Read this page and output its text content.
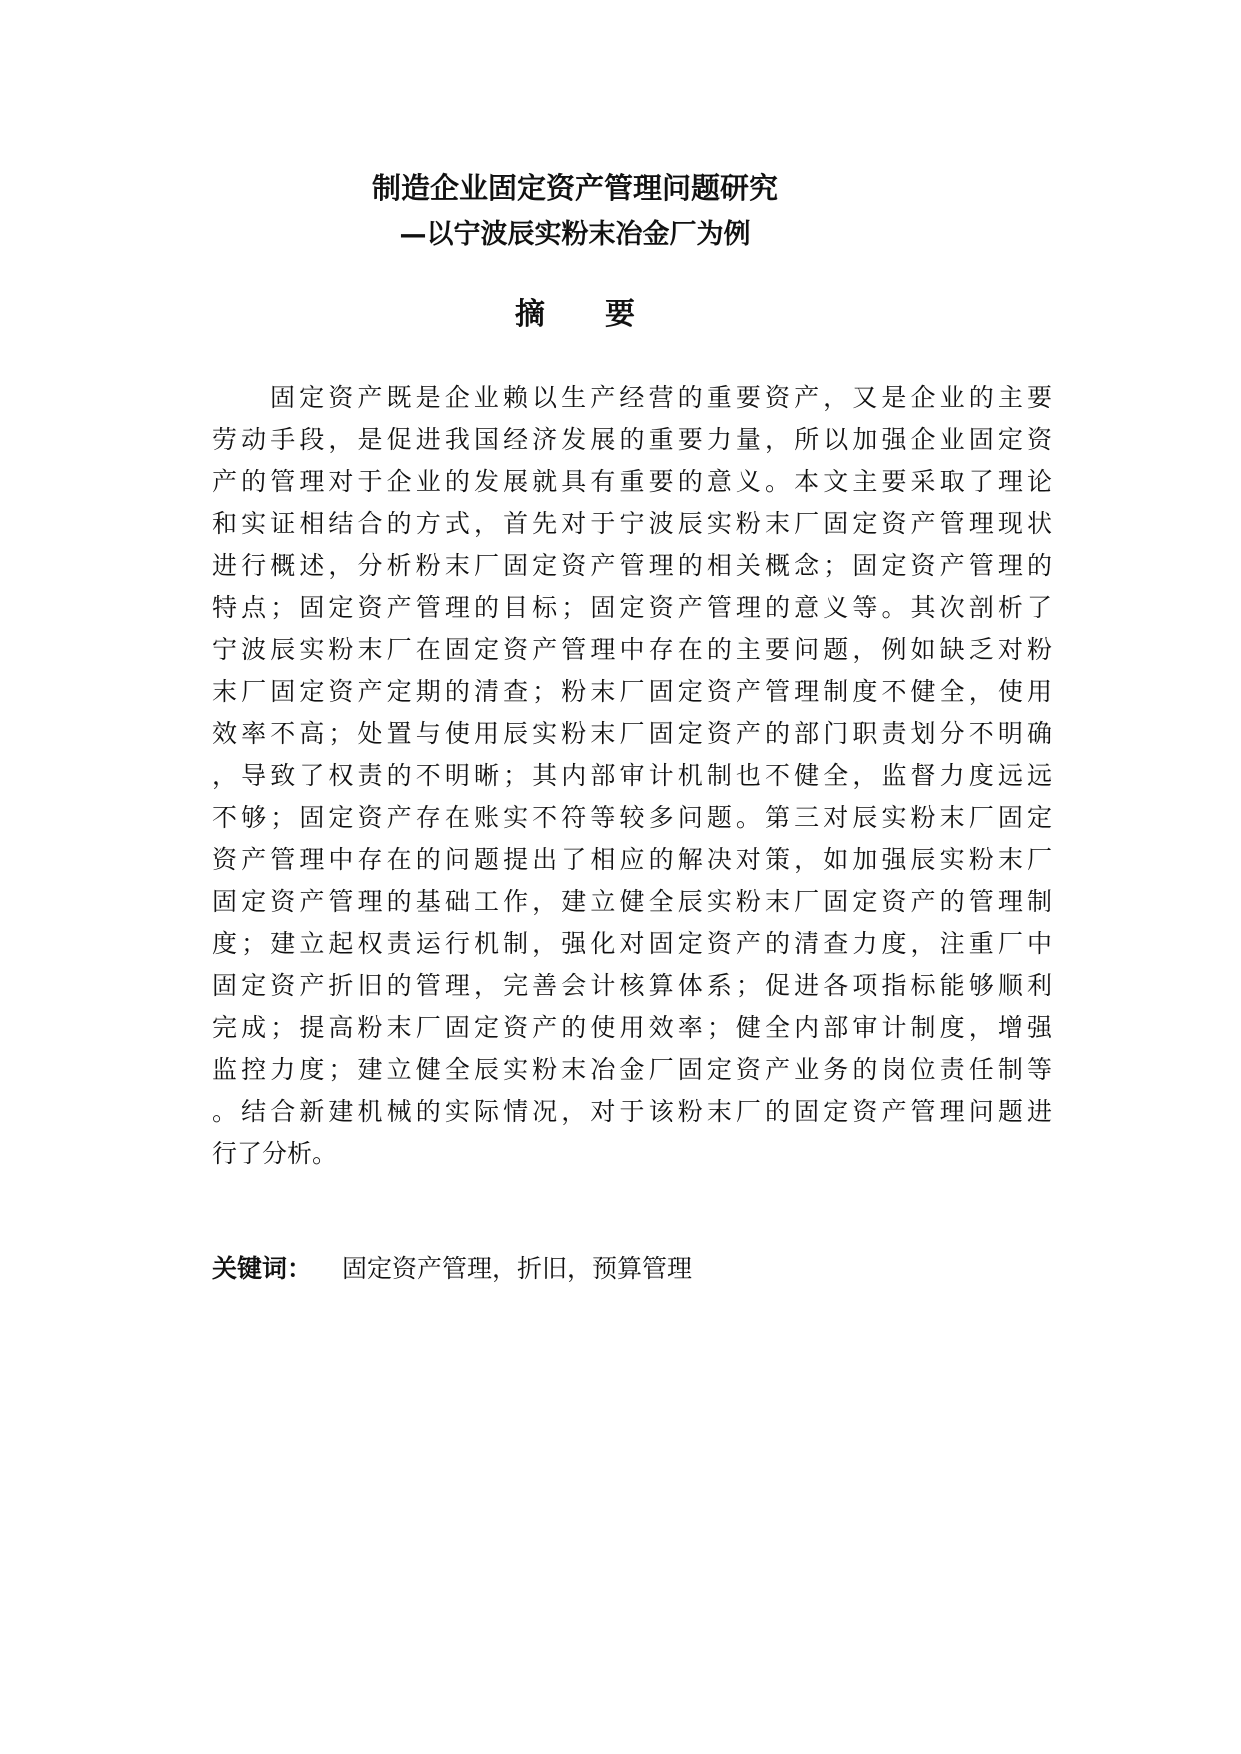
制造企业固定资产管理问题研究
—以宁波辰实粉末冶金厂为例
摘要
固定资产既是企业赖以生产经营的重要资产，又是企业的主要
劳动手段，是促进我国经济发展的重要力量，所以加强企业固定资
产的管理对于企业的发展就具有重要的意义。本文主要采取了理论
和实证相结合的方式，首先对于宁波辰实粉末厂固定资产管理现状
进行概述，分析粉末厂固定资产管理的相关概念；固定资产管理的
特点；固定资产管理的目标；固定资产管理的意义等。其次剖析了
宁波辰实粉末厂在固定资产管理中存在的主要问题，例如缺乏对粉
末厂固定资产定期的清查；粉末厂固定资产管理制度不健全，使用
效率不高；处置与使用辰实粉末厂固定资产的部门职责划分不明确
，导致了权责的不明晰；其内部审计机制也不健全，监督力度远远
不够；固定资产存在账实不符等较多问题。第三对辰实粉末厂固定
资产管理中存在的问题提出了相应的解决对策，如加强辰实粉末厂
固定资产管理的基础工作，建立健全辰实粉末厂固定资产的管理制
度；建立起权责运行机制，强化对固定资产的清查力度，注重厂中
固定资产折旧的管理，完善会计核算体系；促进各项指标能够顺利
完成；提高粉末厂固定资产的使用效率；健全内部审计制度，增强
监控力度；建立健全辰实粉末冶金厂固定资产业务的岗位责任制等
。结合新建机械的实际情况，对于该粉末厂的固定资产管理问题进
行了分析。

关键词： 固定资产管理，折旧，预算管理
